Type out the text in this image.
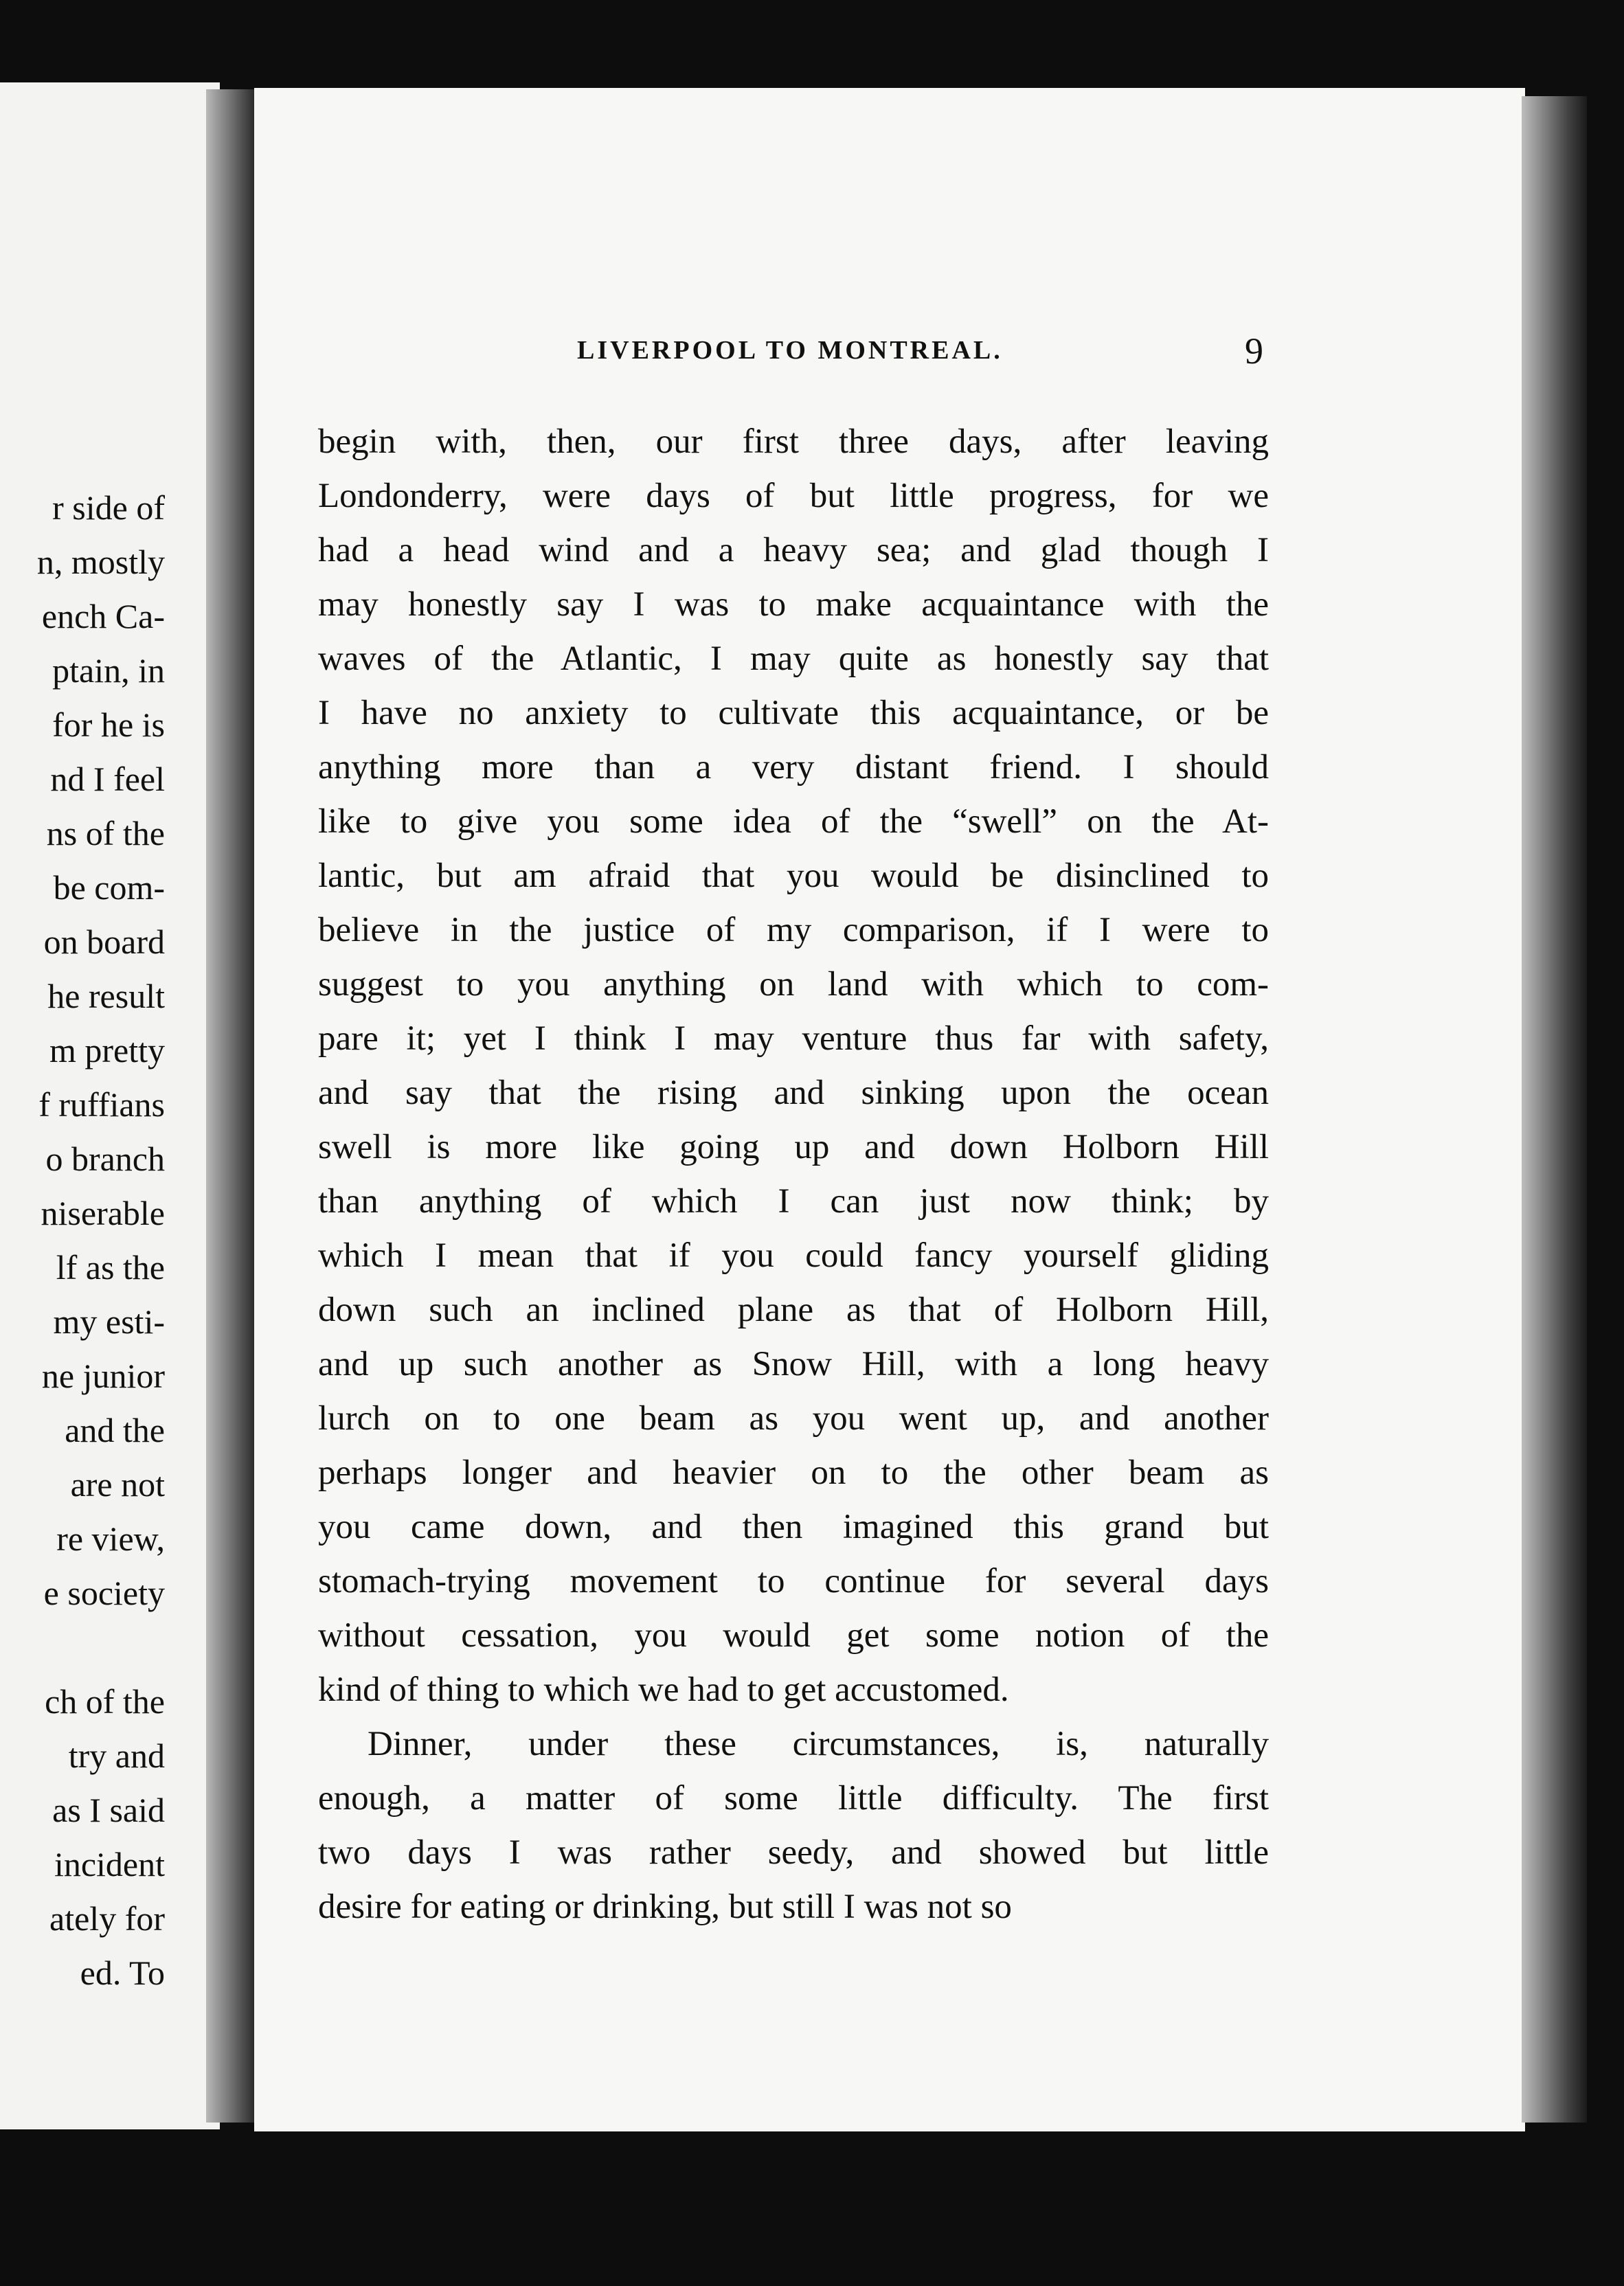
r side of
n, mostly
ench Ca-
ptain, in
for he is
nd I feel
ns of the
be com-
on board
he result
m pretty
f ruffians
o branch
niserable
lf as the
my esti-
ne junior
and the
are not
re view,
e society

ch of the
try and
as I said
incident
ately for
ed. To
LIVERPOOL TO MONTREAL.	9

begin with, then, our first three days, after leaving
Londonderry, were days of but little progress, for we
had a head wind and a heavy sea; and glad though I
may honestly say I was to make acquaintance with the
waves of the Atlantic, I may quite as honestly say that
I have no anxiety to cultivate this acquaintance, or be
anything more than a very distant friend. I should
like to give you some idea of the “swell” on the At-
lantic, but am afraid that you would be disinclined to
believe in the justice of my comparison, if I were to
suggest to you anything on land with which to com-
pare it; yet I think I may venture thus far with safety,
and say that the rising and sinking upon the ocean
swell is more like going up and down Holborn Hill
than anything of which I can just now think; by
which I mean that if you could fancy yourself gliding
down such an inclined plane as that of Holborn Hill,
and up such another as Snow Hill, with a long heavy
lurch on to one beam as you went up, and another
perhaps longer and heavier on to the other beam as
you came down, and then imagined this grand but
stomach-trying movement to continue for several days
without cessation, you would get some notion of the
kind of thing to which we had to get accustomed.

Dinner, under these circumstances, is, naturally
enough, a matter of some little difficulty. The first
two days I was rather seedy, and showed but little
desire for eating or drinking, but still I was not so
